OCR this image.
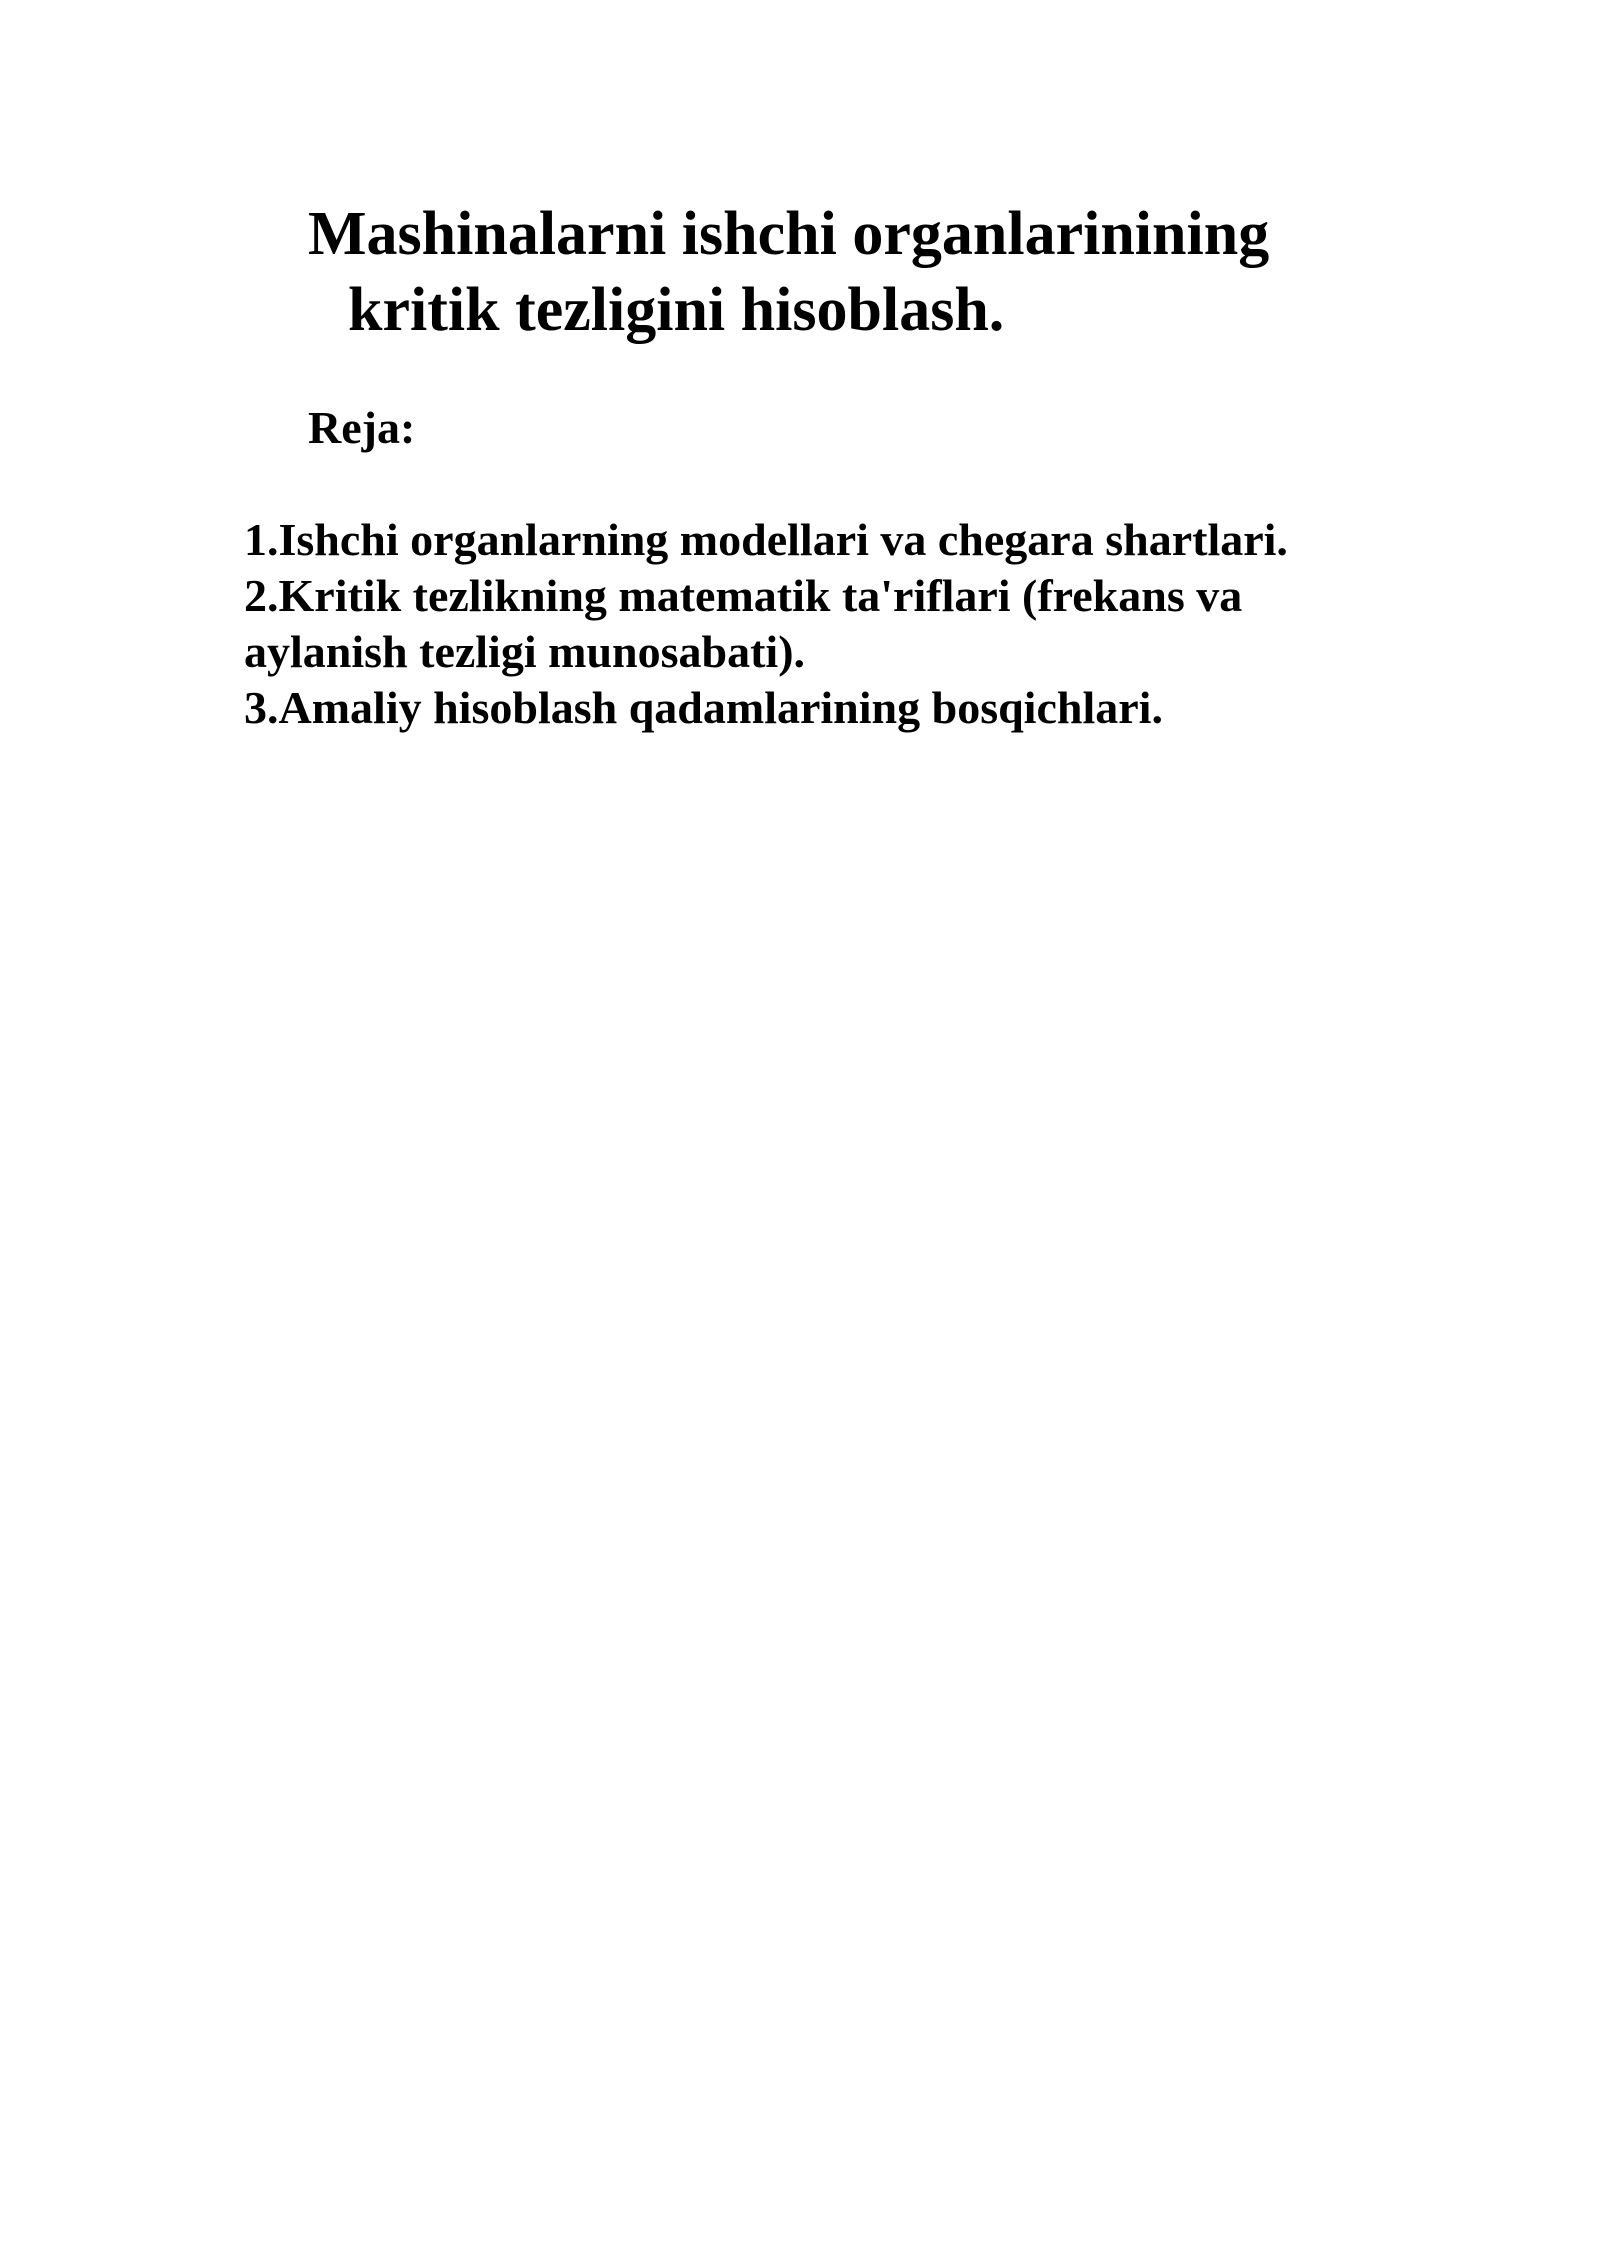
Mashinalarni ishchi organlarinining
kritik tezligini hisoblash.

Reja:

1.Ishchi organlarning modellari va chegara shartlari.
2.Kritik tezlikning matematik ta'riflari (frekans va
aylanish tezligi munosabati).
3.Amaliy hisoblash qadamlarining bosqichlari.
